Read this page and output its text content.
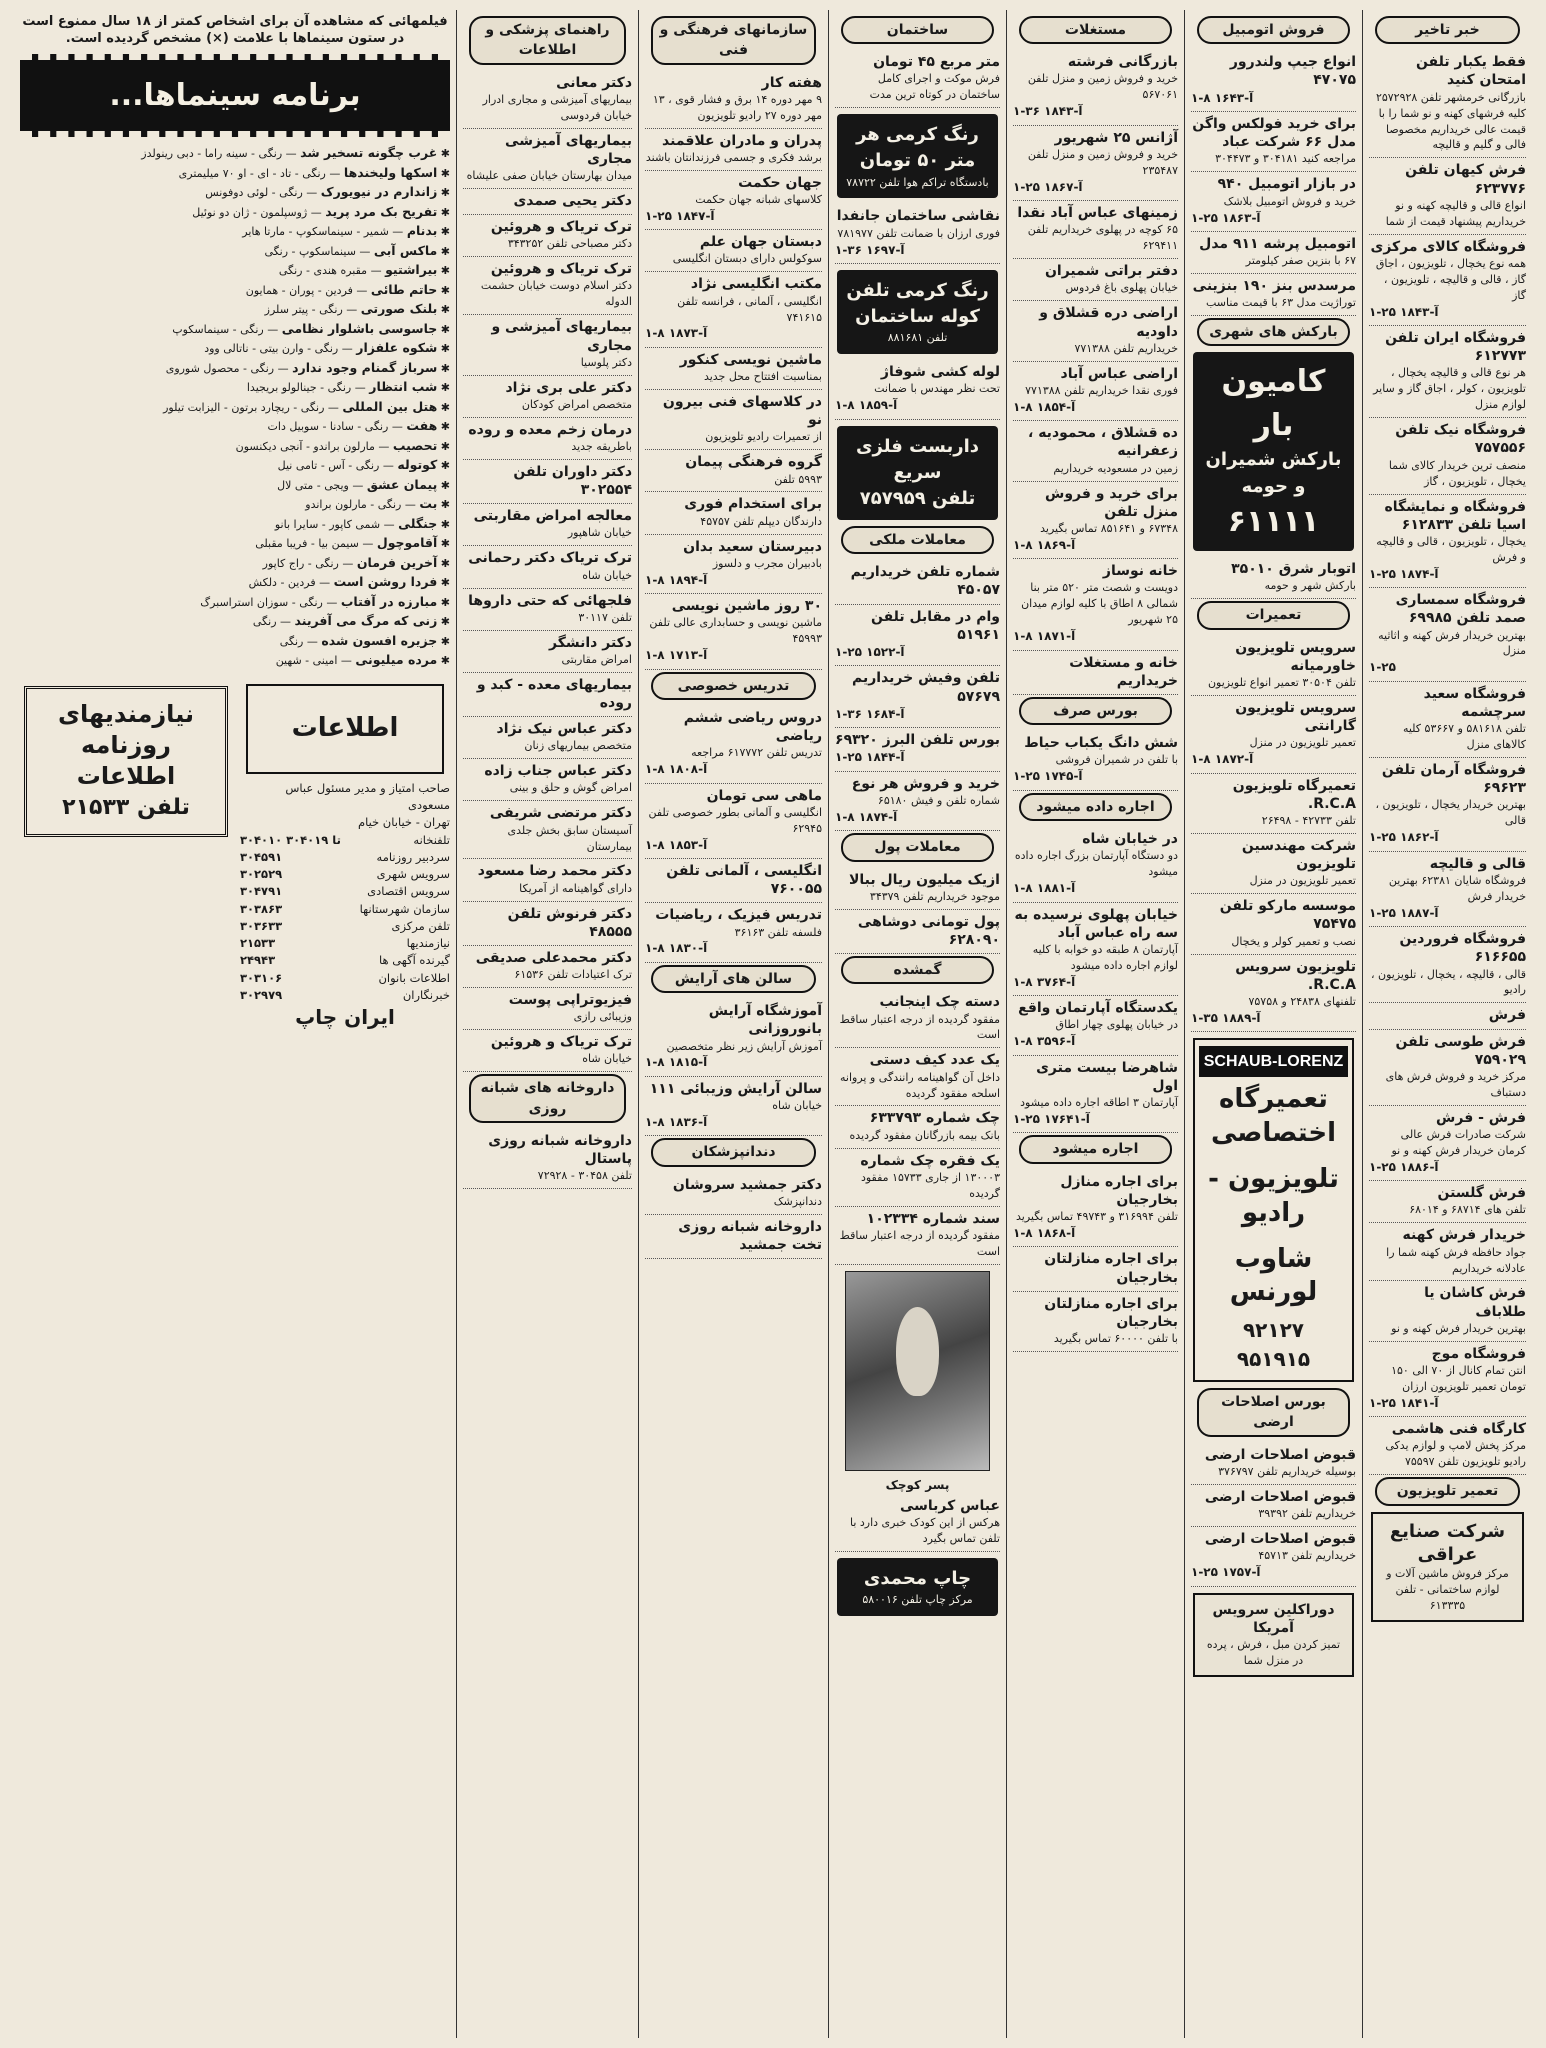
خبر تاخیر
فقط یکبار تلفن امتحان کنید
بازرگانی خرمشهر تلفن ۲۵۷۲۹۲۸ کلیه فرشهای کهنه و نو شما را با قیمت عالی خریداریم مخصوصا فالی و گلیم و قالیچه
فرش کیهان تلفن ۶۲۳۷۷۶
انواع قالی و قالیچه کهنه و نو خریداریم پیشنهاد قیمت از شما
فروشگاه کالای مرکزی
همه نوع یخچال ، تلویزیون ، اجاق گاز ، قالی و قالیچه ، تلویزیون ، گاز
۱-۲۵ آ-۱۸۴۳
فروشگاه ایران تلفن ۶۱۲۷۷۳
هر نوع قالی و قالیچه یخچال ، تلویزیون ، کولر ، اجاق گاز و سایر لوازم منزل
فروشگاه نیک تلفن ۷۵۷۵۵۶
منصف ترین خریدار کالای شما یخچال ، تلویزیون ، گاز
فروشگاه و نمایشگاه اسیا تلفن ۶۱۲۸۳۳
یخچال ، تلویزیون ، قالی و قالیچه و فرش
۱-۲۵ آ-۱۸۷۴
فروشگاه سمساری صمد تلفن ۶۹۹۸۵
بهترین خریدار فرش کهنه و اثاثیه منزل
۱-۲۵
فروشگاه سعید سرچشمه
تلفن ۵۸۱۶۱۸ و ۵۳۶۶۷ کلیه کالاهای منزل
فروشگاه آرمان تلفن ۶۹۶۲۳
بهترین خریدار یخچال ، تلویزیون ، قالی
۱-۲۵ آ-۱۸۶۲
قالی و قالیچه
فروشگاه شایان ۶۲۳۸۱ بهترین خریدار فرش
۱-۲۵ آ-۱۸۸۷
فروشگاه فروردین ۶۱۶۶۵۵
قالی ، قالیچه ، یخچال ، تلویزیون ، رادیو
فرش
فرش طوسی تلفن ۷۵۹۰۲۹
مرکز خرید و فروش فرش های دستباف
فرش - فرش
شرکت صادرات فرش عالی کرمان خریدار فرش کهنه و نو
۱-۲۵ آ-۱۸۸۶
فرش گلستن
تلفن های ۶۸۷۱۴ و ۶۸۰۱۴
خریدار فرش کهنه
جواد حافظه فرش کهنه شما را عادلانه خریداریم
فرش کاشان یا طلاباف
بهترین خریدار فرش کهنه و نو
فروشگاه موج
انتن تمام کانال از ۷۰ الی ۱۵۰ تومان تعمیر تلویزیون ارزان
۱-۲۵ آ-۱۸۴۱
کارگاه فنی هاشمی
مرکز پخش لامپ و لوازم یدکی رادیو تلویزیون تلفن ۷۵۵۹۷
تعمیر تلویزیون
شرکت صنایع عراقی
مرکز فروش ماشین آلات و لوازم ساختمانی - تلفن ۶۱۳۳۳۵
فروش اتومبیل
انواع جیپ ولندرور ۴۷۰۷۵
۱-۸ آ-۱۶۴۳
برای خرید فولکس واگن مدل ۶۶ شرکت عباد
مراجعه کنید ۳۰۴۱۸۱ و ۳۰۴۴۷۳
در بازار اتومبیل ۹۴۰
خرید و فروش اتومبیل بلاشک
۱-۲۵ آ-۱۸۶۳
اتومبیل پرشه ۹۱۱ مدل
۶۷ با بنزین صفر کیلومتر
مرسدس بنز ۱۹۰ بنزینی
توراژیت مدل ۶۳ با قیمت مناسب
بارکش های شهری
کامیون بار
بارکش شمیران و حومه
۶۱۱۱۱
اتوبار شرق ۳۵۰۱۰
بارکش شهر و حومه
تعمیرات
سرویس تلویزیون خاورمیانه
تلفن ۳۰۵۰۴ تعمیر انواع تلویزیون
سرویس تلویزیون گارانتی
تعمیر تلویزیون در منزل
۱-۸ آ-۱۸۷۲
تعمیرگاه تلویزیون R.C.A.
تلفن ۴۲۷۳۳ - ۲۶۴۹۸
شرکت مهندسین تلویزیون
تعمیر تلویزیون در منزل
موسسه مارکو تلفن ۷۵۴۷۵
نصب و تعمیر کولر و یخچال
تلویزیون سرویس R.C.A.
تلفنهای ۲۴۸۳۸ و ۷۵۷۵۸
۱-۳۵ آ-۱۸۸۹
SCHAUB-LORENZ
تعمیرگاه اختصاصی
تلویزیون - رادیو
شاوب لورنس
۹۲۱۲۷
۹۵۱۹۱۵
بورس اصلاحات ارضی
قبوض اصلاحات ارضی
بوسیله خریداریم تلفن ۳۷۶۷۹۷
قبوض اصلاحات ارضی
خریداریم تلفن ۳۹۳۹۲
قبوض اصلاحات ارضی
خریداریم تلفن ۴۵۷۱۳
۱-۲۵ آ-۱۷۵۷
دوراکلین سرویس آمریکا
تمیز کردن مبل ، فرش ، پرده در منزل شما
مستغلات
بازرگانی فرشته
خرید و فروش زمین و منزل تلفن ۵۶۷۰۶۱
۱-۳۶ آ-۱۸۴۳
آژانس ۲۵ شهریور
خرید و فروش زمین و منزل تلفن ۲۳۵۴۸۷
۱-۲۵ آ-۱۸۶۷
زمینهای عباس آباد نقدا
۶۵ کوچه در پهلوی خریداریم تلفن ۶۲۹۴۱۱
دفتر براتی شمیران
خیابان پهلوی باغ فردوس
اراضی دره قشلاق و داودیه
خریداریم تلفن ۷۷۱۳۸۸
اراضی عباس آباد
فوری نقدا خریداریم تلفن ۷۷۱۳۸۸
۱-۸ آ-۱۸۵۴
ده قشلاق ، محمودیه ، زعفرانیه
زمین در مسعودیه خریداریم
برای خرید و فروش منزل تلفن
۶۷۳۴۸ و ۸۵۱۶۴۱ تماس بگیرید
۱-۸ آ-۱۸۶۹
خانه نوساز
دویست و شصت متر ۵۲۰ متر بنا شمالی ۸ اطاق با کلیه لوازم میدان ۲۵ شهریور
۱-۸ آ-۱۸۷۱
خانه و مستغلات خریداریم
بورس صرف
شش دانگ یکباب حیاط
با تلفن در شمیران فروشی
۱-۲۵ آ-۱۷۴۵
اجاره داده میشود
در خیابان شاه
دو دستگاه آپارتمان بزرگ اجاره داده میشود
۱-۸ آ-۱۸۸۱
خیابان پهلوی نرسیده به سه راه عباس آباد
آپارتمان ۸ طبقه دو خوابه با کلیه لوازم اجاره داده میشود
۱-۸ آ-۳۷۶۴
یکدستگاه آپارتمان واقع
در خیابان پهلوی چهار اطاق
۱-۸ آ-۳۵۹۶
شاهرضا بیست متری اول
آپارتمان ۳ اطاقه اجاره داده میشود
۱-۲۵ آ-۱۷۶۴۱
اجاره میشود
برای اجاره منازل بخارجیان
تلفن ۳۱۶۹۹۴ و ۴۹۷۴۳ تماس بگیرید
۱-۸ آ-۱۸۶۸
برای اجاره منازلتان بخارجیان
برای اجاره منازلتان بخارجیان
با تلفن ۶۰۰۰۰ تماس بگیرید
ساختمان
متر مربع ۴۵ تومان
فرش موکت و اجرای کامل ساختمان در کوتاه ترین مدت
رنگ کرمی هر متر ۵۰ تومان
بادستگاه تراکم هوا تلفن ۷۸۷۲۲
نقاشی ساختمان جانفدا
فوری ارزان با ضمانت تلفن ۷۸۱۹۷۷
۱-۳۶ آ-۱۶۹۷
رنگ کرمی تلفن کوله ساختمان
تلفن ۸۸۱۶۸۱
لوله کشی شوفاژ
تحت نظر مهندس با ضمانت
۱-۸ آ-۱۸۵۹
داربست فلزی سریع
تلفن ۷۵۷۹۵۹
معاملات ملکی
شماره تلفن خریداریم ۴۵۰۵۷
وام در مقابل تلفن ۵۱۹۶۱
۱-۲۵ آ-۱۵۲۲
تلفن وفیش خریداریم ۵۷۶۷۹
۱-۳۶ آ-۱۶۸۴
بورس تلفن البرز ۶۹۳۲۰
۱-۲۵ آ-۱۸۴۴
خرید و فروش هر نوع
شماره تلفن و فیش ۶۵۱۸۰
۱-۸ آ-۱۸۷۴
معاملات پول
ازیک میلیون ریال ببالا
موجود خریداریم تلفن ۳۴۳۷۹
پول تومانی دوشاهی ۶۲۸۰۹۰
گمشده
دسته چک اینجانب
مفقود گردیده از درجه اعتبار ساقط است
یک عدد کیف دستی
داخل آن گواهینامه رانندگی و پروانه اسلحه مفقود گردیده
چک شماره ۶۳۳۷۹۳
بانک بیمه بازرگانان مفقود گردیده
یک فقره چک شماره
۱۳۰۰۰۳ از جاری ۱۵۷۳۳ مفقود گردیده
سند شماره ۱۰۲۳۳۴
مفقود گردیده از درجه اعتبار ساقط است
پسر کوچک
عباس کرباسی
هرکس از این کودک خبری دارد با تلفن تماس بگیرد
چاپ محمدی
مرکز چاپ تلفن ۵۸۰۰۱۶
سازمانهای فرهنگی و فنی
هفته کار
۹ مهر دوره ۱۴ برق و فشار قوی ، ۱۳ مهر دوره ۲۷ رادیو تلویزیون
پدران و مادران علاقمند
برشد فکری و جسمی فرزندانتان باشند
جهان حکمت
کلاسهای شبانه جهان حکمت
۱-۲۵ آ-۱۸۴۷
دبستان جهان علم
سوکولس دارای دبستان انگلیسی
مکتب انگلیسی نژاد
انگلیسی ، آلمانی ، فرانسه تلفن ۷۴۱۶۱۵
۱-۸ آ-۱۸۷۳
ماشین نویسی کنکور
بمناسبت افتتاح محل جدید
در کلاسهای فنی بیرون نو
از تعمیرات رادیو تلویزیون
گروه فرهنگی پیمان
۵۹۹۳ تلفن
برای استخدام فوری
دارندگان دیپلم تلفن ۴۵۷۵۷
دبیرستان سعید بدان
بادبیران مجرب و دلسوز
۱-۸ آ-۱۸۹۴
۳۰ روز ماشین نویسی
ماشین نویسی و حسابداری عالی تلفن ۴۵۹۹۳
۱-۸ آ-۱۷۱۳
تدریس خصوصی
دروس ریاضی ششم ریاضی
تدریس تلفن ۶۱۷۷۷۲ مراجعه
۱-۸ آ-۱۸۰۸
ماهی سی تومان
انگلیسی و آلمانی بطور خصوصی تلفن ۶۲۹۴۵
۱-۸ آ-۱۸۵۳
انگلیسی ، آلمانی تلفن ۷۶۰۰۵۵
تدریس فیزیک ، ریاضیات
فلسفه تلفن ۳۶۱۶۳
۱-۸ آ-۱۸۳۰
سالن های آرایش
آموزشگاه آرایش بانوروزانی
آموزش آرایش زیر نظر متخصصین
۱-۸ آ-۱۸۱۵
سالن آرایش وزیبائی ۱۱۱
خیابان شاه
۱-۸ آ-۱۸۳۶
دندانپزشکان
دکتر جمشید سروشان
دندانپزشک
داروخانه شبانه روزی تخت جمشید
راهنمای پزشکی و اطلاعات
دکتر معانی
بیماریهای آمیزشی و مجاری ادرار خیابان فردوسی
بیماریهای آمیزشی مجاری
میدان بهارستان خیابان صفی علیشاه
دکتر یحیی صمدی
ترک تریاک و هروئین
دکتر مصباحی تلفن ۳۴۳۲۵۲
ترک تریاک و هروئین
دکتر اسلام دوست خیابان حشمت الدوله
بیماریهای آمیزشی و مجاری
دکتر پلوسیا
دکتر علی بری نژاد
متخصص امراض کودکان
درمان زخم معده و روده
باطریقه جدید
دکتر داوران تلفن ۳۰۲۵۵۴
معالجه امراض مقاربتی
خیابان شاهپور
ترک تریاک دکتر رحمانی
خیابان شاه
فلجهائی که حتی داروها
تلفن ۳۰۱۱۷
دکتر دانشگر
امراض مقاربتی
بیماریهای معده - کبد و روده
دکتر عباس نیک نژاد
متخصص بیماریهای زنان
دکتر عباس جناب زاده
امراض گوش و حلق و بینی
دکتر مرتضی شریفی
آسیستان سابق بخش جلدی بیمارستان
دکتر محمد رضا مسعود
دارای گواهینامه از آمریکا
دکتر فرنوش تلفن ۴۸۵۵۵
دکتر محمدعلی صدیقی
ترک اعتیادات تلفن ۶۱۵۳۶
فیزیوتراپی پوست
وزیبائی رازی
ترک تریاک و هروئین
خیابان شاه
داروخانه های شبانه روزی
داروخانه شبانه روزی پاستال
تلفن ۳۰۴۵۸ - ۷۲۹۲۸
فیلمهائی که مشاهده آن برای اشخاص کمتر از ۱۸ سال ممنوع است در ستون سینماها با علامت (×) مشخص گردیده است.
برنامه سینماها...
✱ غرب چگونه تسخیر شد — رنگی - سینه راما - دبی رینولدز
✱ اسکها ولیخندها — رنگی - تاد - ای - او ۷۰ میلیمتری
✱ زاندارم در نیویورک — رنگی - لوئی دوفونس
✱ تفریح بک مرد پرید — ژوسپلمون - ژان دو نوئیل
✱ بدنام — شمیر - سینماسکوپ - مارتا هایر
✱ ماکس آبی — سینماسکوپ - رنگی
✱ بیراشتیو — مقبره هندی - رنگی
✱ حاتم طائی — فردین - پوران - همایون
✱ بلنک صورتی — رنگی - پیتر سلرز
✱ جاسوسی باشلوار نظامی — رنگی - سینماسکوپ
✱ شکوه علفزار — رنگی - وارن بیتی - ناتالی وود
✱ سرباز گمنام وجود ندارد — رنگی - محصول شوروی
✱ شب انتظار — رنگی - جینالولو بریجیدا
✱ هتل بین المللی — رنگی - ریچارد برتون - الیزابت تیلور
✱ هفت — رنگی - سادنا - سوبیل دات
✱ تحصیب — مارلون براندو - آنجی دیکنسون
✱ کوتوله — رنگی - آس - تامی نیل
✱ پیمان عشق — ویجی - متی لال
✱ بت — رنگی - مارلون براندو
✱ جنگلی — شمی کاپور - سایرا بانو
✱ آقاموچول — سیمن بیا - فریبا مقبلی
✱ آخرین فرمان — رنگی - راج کاپور
✱ فردا روشن است — فردین - دلکش
✱ مبارزه در آفتاب — رنگی - سوزان استراسبرگ
✱ زنی که مرگ می آفریند — رنگی
✱ جزیره افسون شده — رنگی
✱ مرده میلیونی — امینی - شهین
اطلاعات
صاحب امتیاز و مدیر مسئول عباس مسعودی
تهران - خیابان خیام
تلفنخانه
۳۰۴۰۱۰ تا ۳۰۴۰۱۹
سردبیر روزنامه
۳۰۴۵۹۱
سرویس شهری
۳۰۲۵۲۹
سرویس اقتصادی
۳۰۴۷۹۱
سازمان شهرستانها
۳۰۳۸۶۳
تلفن مرکزی
۳۰۳۶۳۳
نیازمندیها
۲۱۵۳۳
گیرنده آگهی ها
۲۴۹۴۳
اطلاعات بانوان
۳۰۳۱۰۶
خبرنگاران
۳۰۲۹۷۹
ایران چاپ
نیازمندیهای روزنامه اطلاعات
تلفن ۲۱۵۳۳
